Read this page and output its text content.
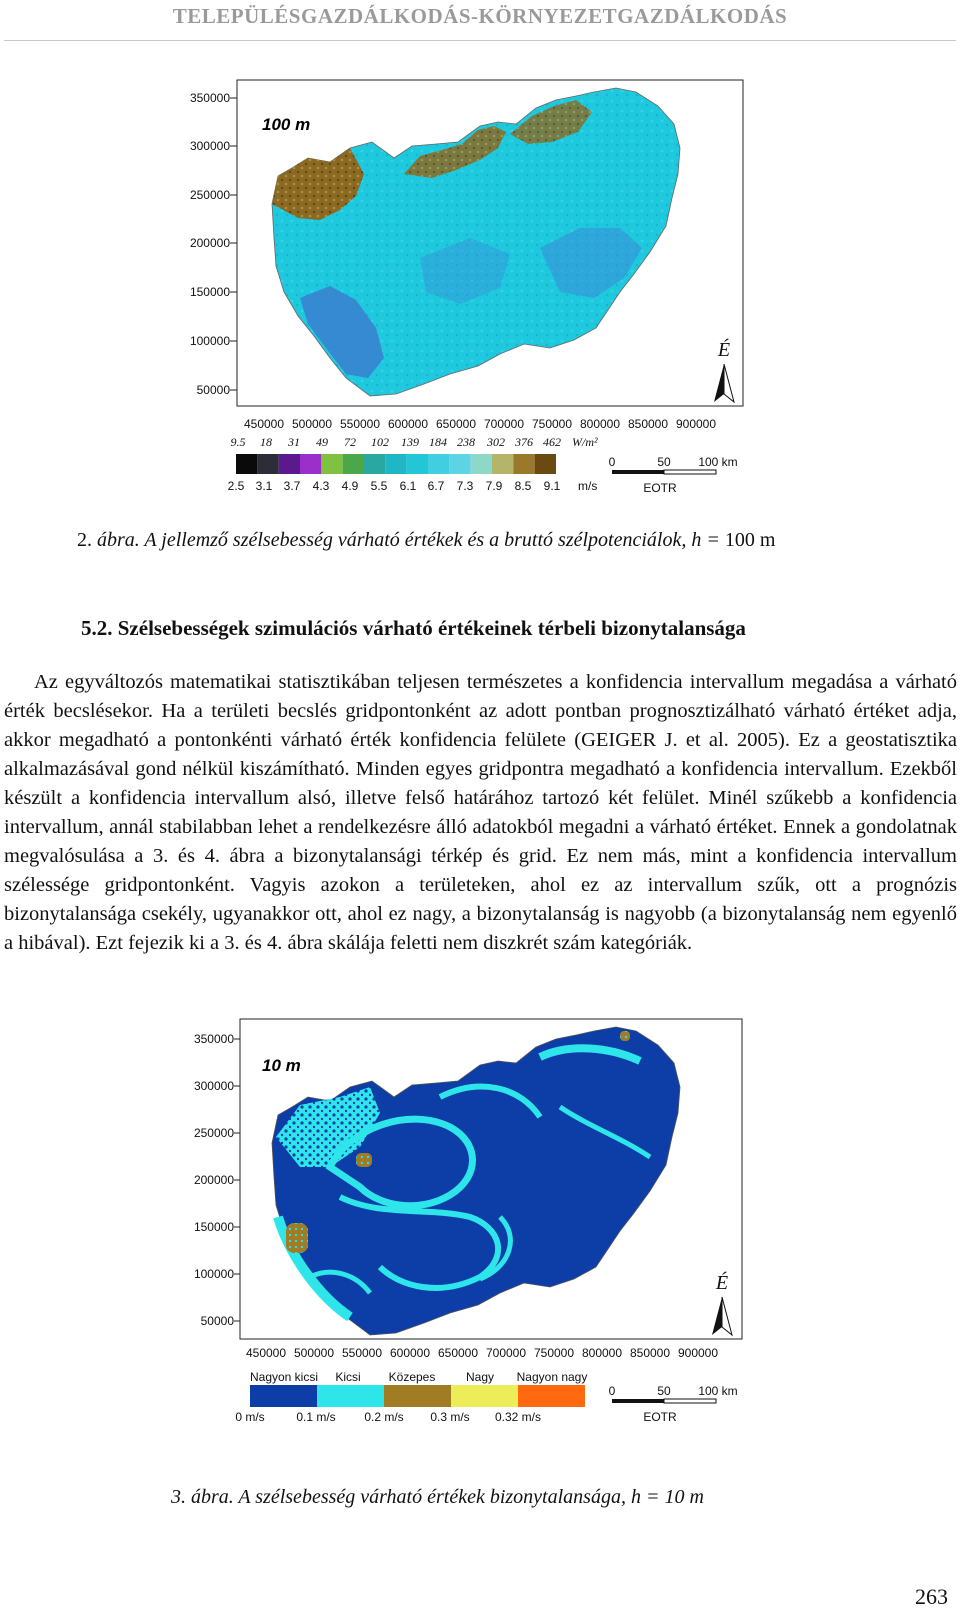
TELEPÜLÉSGAZDÁLKODÁS-KÖRNYEZETGAZDÁLKODÁS
100 m
350000
300000
250000
200000
150000
100000
50000
450000 500000 550000 600000 650000 700000 750000 800000 850000 900000
É
9.5 18 31 49 72 102 139 184 238 302 376 462 W/m²
2.5 3.1 3.7 4.3 4.9 5.5 6.1 6.7 7.3 7.9 8.5 9.1 m/s
0	50 100 km
EOTR
2. ábra. A jellemző szélsebesség várható értékek és a bruttó szélpotenciálok, h = 100 m
5.2. Szélsebességek szimulációs várható értékeinek térbeli bizonytalansága

Az egyváltozós matematikai statisztikában teljesen természetes a konfidencia intervallum megadása a várható érték becslésekor. Ha a területi becslés gridpontonként az adott pontban prognosztizálható várható értéket adja, akkor megadható a pontonkénti várható érték konfidencia felülete (GEIGER J. et al. 2005). Ez a geostatisztika alkalmazásával gond nélkül kiszámítható. Minden egyes gridpontra megadható a konfidencia intervallum. Ezekből készült a konfidencia intervallum alsó, illetve felső határához tartozó két felület. Minél szűkebb a konfidencia intervallum, annál stabilabban lehet a rendelkezésre álló adatokból megadni a várható értéket. Ennek a gondolatnak megvalósulása a 3. és 4. ábra a bizonytalansági térkép és grid. Ez nem más, mint a konfidencia intervallum szélessége gridpontonként. Vagyis azokon a területeken, ahol ez az intervallum szűk, ott a prognózis bizonytalansága csekély, ugyanakkor ott, ahol ez nagy, a bizonytalanság is nagyobb (a bizonytalanság nem egyenlő a hibával). Ezt fejezik ki a 3. és 4. ábra skálája feletti nem diszkrét szám kategóriák.

10 m
350000
300000
250000
200000
150000
100000
50000
450000 500000 550000 600000 650000 700000 750000 800000 850000 900000
É
Nagyon kicsi Kicsi Közepes	Nagy Nagyon nagy
0 m/s	0.1 m/s 0.2 m/s 0.3 m/s 0.32 m/s
0	50 100 km
EOTR
3. ábra. A szélsebesség várható értékek bizonytalansága, h = 10 m
263
